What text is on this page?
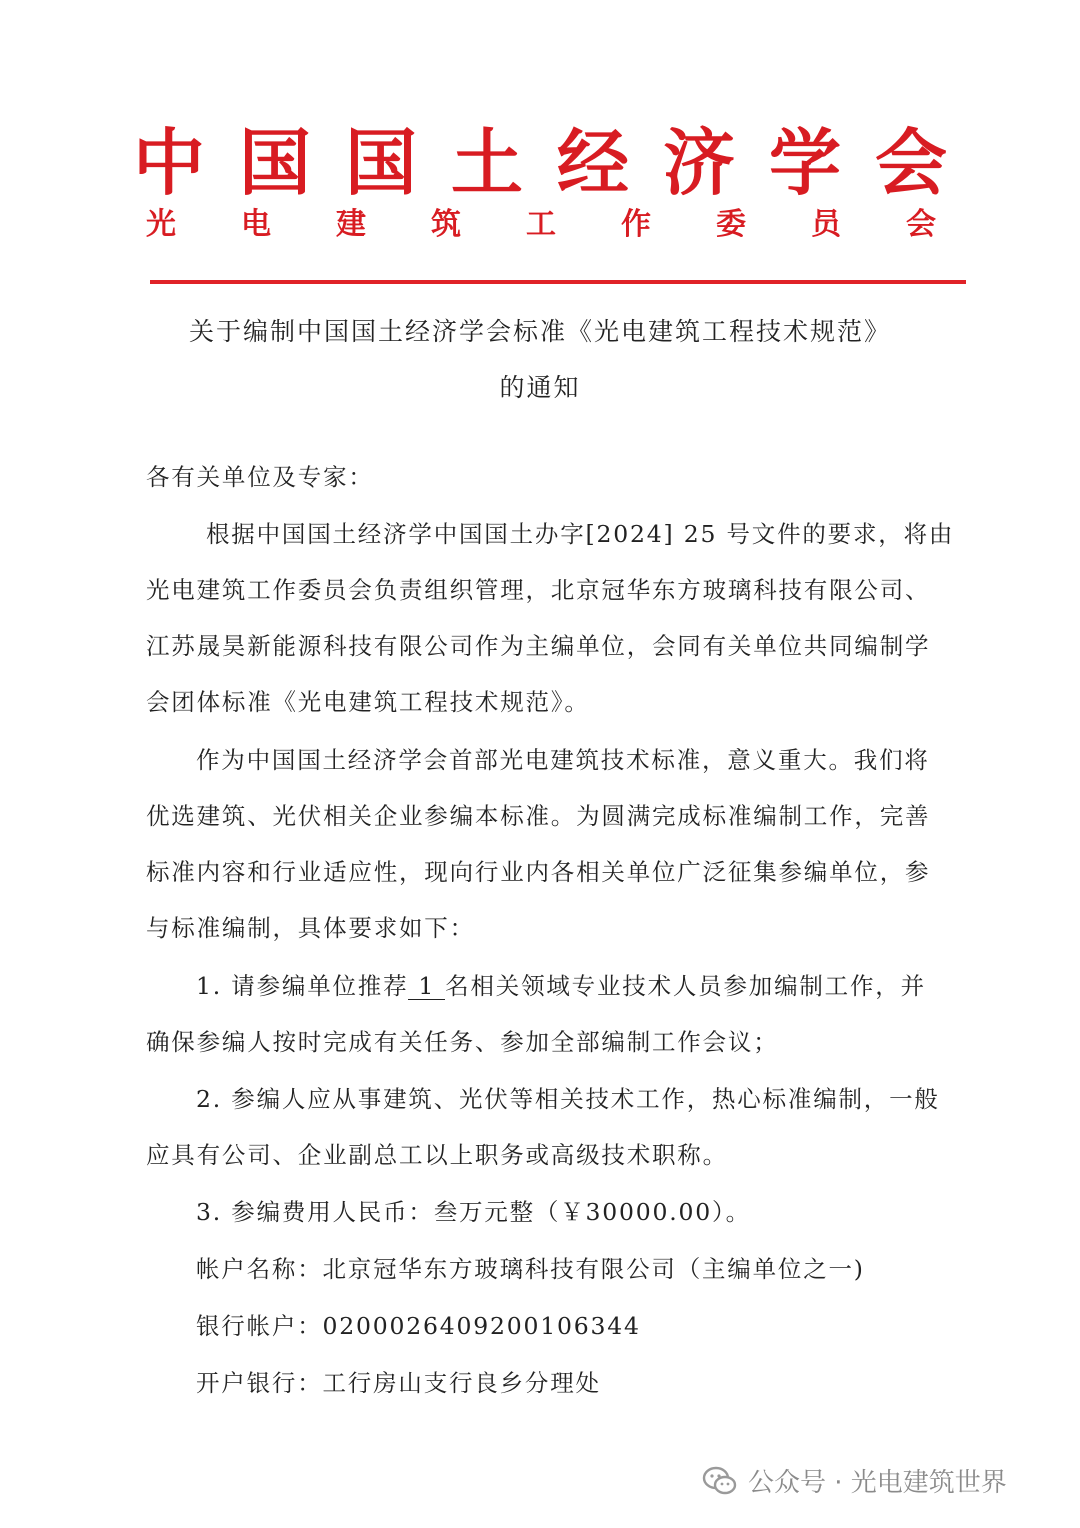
中国国土经济学会
光 电 建 筑 工 作 委 员 会
关于编制中国国土经济学会标准《光电建筑工程技术规范》
的通知
各有关单位及专家：
根据中国国土经济学中国国土办字[2024] 25 号文件的要求，将由
光电建筑工作委员会负责组织管理，北京冠华东方玻璃科技有限公司、
江苏晟昊新能源科技有限公司作为主编单位，会同有关单位共同编制学
会团体标准《光电建筑工程技术规范》。
作为中国国土经济学会首部光电建筑技术标准，意义重大。我们将
优选建筑、光伏相关企业参编本标准。为圆满完成标准编制工作，完善
标准内容和行业适应性，现向行业内各相关单位广泛征集参编单位，参
与标准编制，具体要求如下：
1. 请参编单位推荐 1 名相关领域专业技术人员参加编制工作，并
确保参编人按时完成有关任务、参加全部编制工作会议；
2. 参编人应从事建筑、光伏等相关技术工作，热心标准编制，一般
应具有公司、企业副总工以上职务或高级技术职称。
3. 参编费用人民币：叁万元整（￥30000.00）。
帐户名称：北京冠华东方玻璃科技有限公司（主编单位之一)
银行帐户：0200026409200106344
开户银行：工行房山支行良乡分理处
公众号 · 光电建筑世界
